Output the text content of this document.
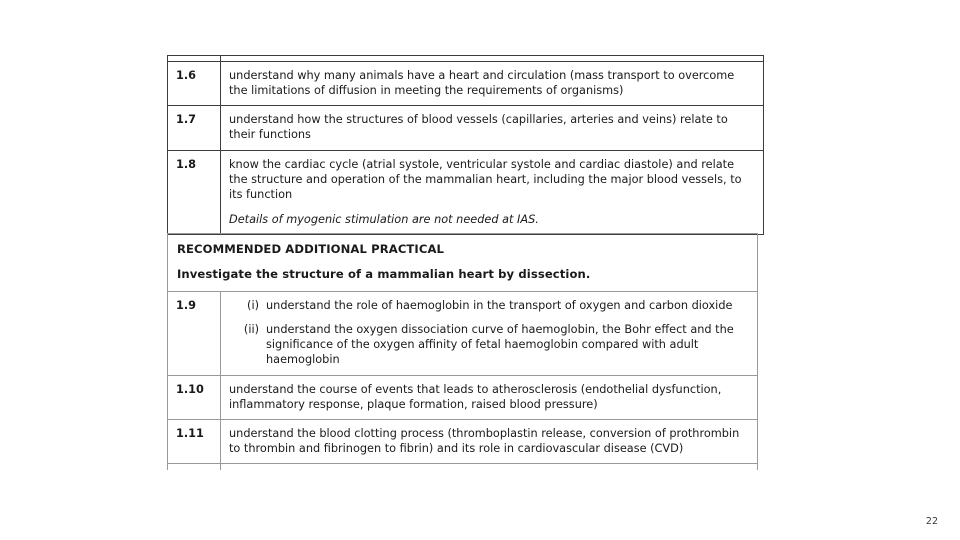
1.6	understand why many animals have a heart and circulation (mass transport to overcome the limitations of diffusion in meeting the requirements of organisms)

1.7	understand how the structures of blood vessels (capillaries, arteries and veins) relate to their functions

1.8	know the cardiac cycle (atrial systole, ventricular systole and cardiac diastole) and relate the structure and operation of the mammalian heart, including the major blood vessels, to its function
Details of myogenic stimulation are not needed at IAS.
RECOMMENDED ADDITIONAL PRACTICAL
Investigate the structure of a mammalian heart by dissection.	

1.9	(i) understand the role of haemoglobin in the transport of oxygen and carbon dioxide
(ii) understand the oxygen dissociation curve of haemoglobin, the Bohr effect and the significance of the oxygen affinity of fetal haemoglobin compared with adult haemoglobin

1.10	understand the course of events that leads to atherosclerosis (endothelial dysfunction, inflammatory response, plaque formation, raised blood pressure)

1.11	understand the blood clotting process (thromboplastin release, conversion of prothrombin to thrombin and fibrinogen to fibrin) and its role in cardiovascular disease (CVD)

22
